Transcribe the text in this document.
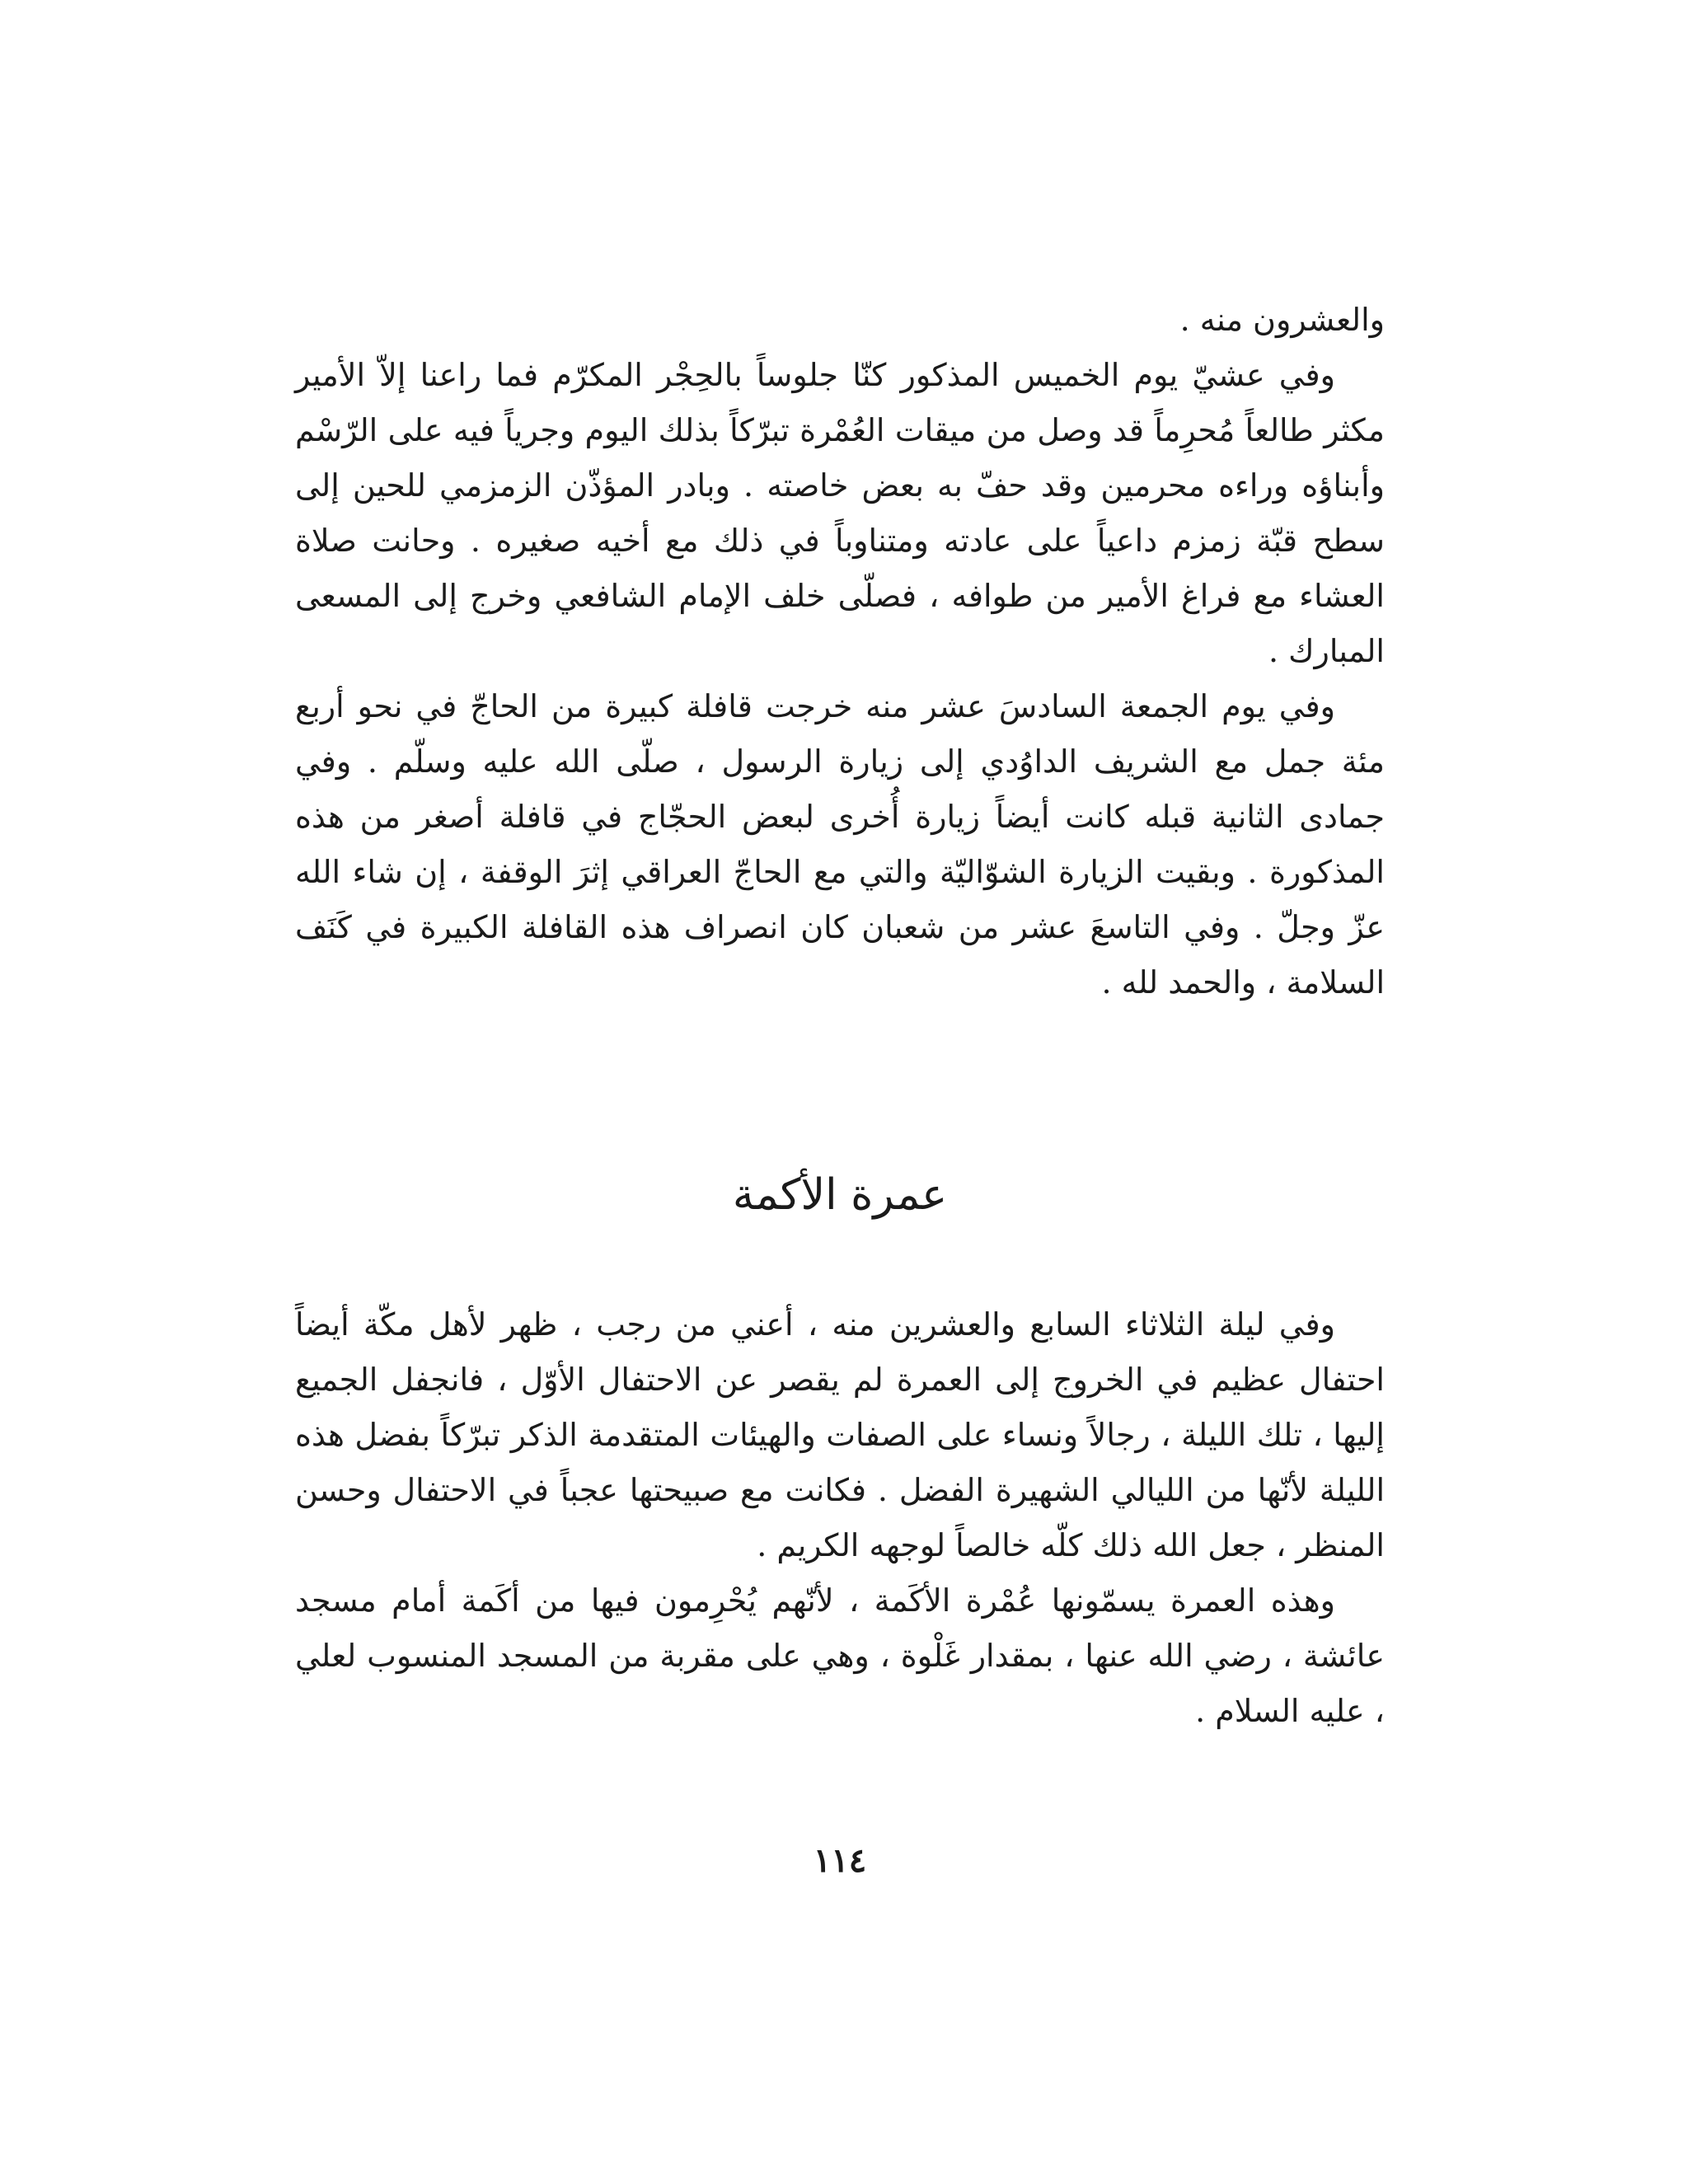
والعشرون منه .

وفي عشيّ يوم الخميس المذكور كنّا جلوساً بالحِجْر المكرّم فما راعنا إلاّ الأمير مكثر طالعاً مُحرِماً قد وصل من ميقات العُمْرة تبرّكاً بذلك اليوم وجرياً فيه على الرّسْم وأبناؤه وراءه محرمين وقد حفّ به بعض خاصته . وبادر المؤذّن الزمزمي للحين إلى سطح قبّة زمزم داعياً على عادته ومتناوباً في ذلك مع أخيه صغيره . وحانت صلاة العشاء مع فراغ الأمير من طوافه ، فصلّى خلف الإمام الشافعي وخرج إلى المسعى المبارك .

وفي يوم الجمعة السادسَ عشر منه خرجت قافلة كبيرة من الحاجّ في نحو أربع مئة جمل مع الشريف الداوُدي إلى زيارة الرسول ، صلّى الله عليه وسلّم . وفي جمادى الثانية قبله كانت أيضاً زيارة أُخرى لبعض الحجّاج في قافلة أصغر من هذه المذكورة . وبقيت الزيارة الشوّاليّة والتي مع الحاجّ العراقي إثرَ الوقفة ، إن شاء الله عزّ وجلّ . وفي التاسعَ عشر من شعبان كان انصراف هذه القافلة الكبيرة في كَنَف السلامة ، والحمد لله .

عمرة الأكمة

وفي ليلة الثلاثاء السابع والعشرين منه ، أعني من رجب ، ظهر لأهل مكّة أيضاً احتفال عظيم في الخروج إلى العمرة لم يقصر عن الاحتفال الأوّل ، فانجفل الجميع إليها ، تلك الليلة ، رجالاً ونساء على الصفات والهيئات المتقدمة الذكر تبرّكاً بفضل هذه الليلة لأنّها من الليالي الشهيرة الفضل . فكانت مع صبيحتها عجباً في الاحتفال وحسن المنظر ، جعل الله ذلك كلّه خالصاً لوجهه الكريم .

وهذه العمرة يسمّونها عُمْرة الأكَمة ، لأنّهم يُحْرِمون فيها من أكَمة أمام مسجد عائشة ، رضي الله عنها ، بمقدار غَلْوة ، وهي على مقربة من المسجد المنسوب لعلي ، عليه السلام .

١١٤
